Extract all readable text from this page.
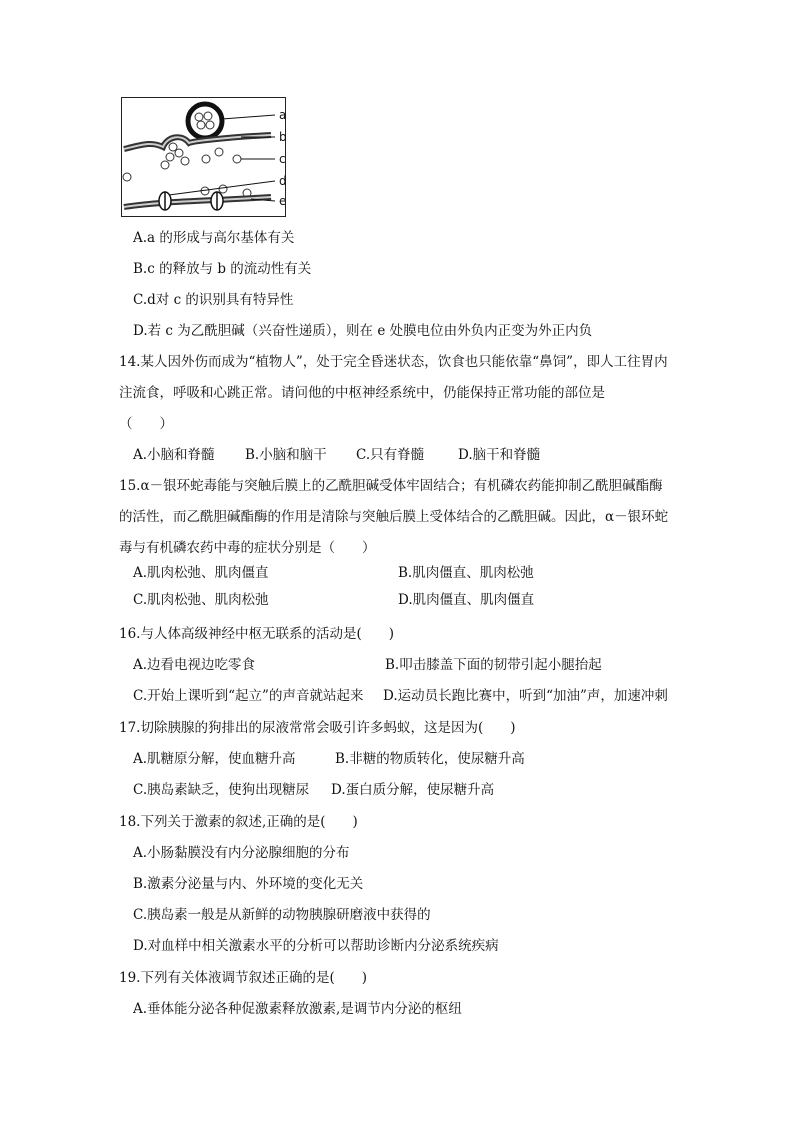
a
b
c
d
e
A.a 的形成与高尔基体有关
B.c 的释放与 b 的流动性有关
C.d对 c 的识别具有特异性
D.若 c 为乙酰胆碱（兴奋性递质），则在 e 处膜电位由外负内正变为外正内负
14.某人因外伤而成为“植物人”，处于完全昏迷状态，饮食也只能依靠“鼻饲”，即人工往胃内
注流食，呼吸和心跳正常。请问他的中枢神经系统中，仍能保持正常功能的部位是
（　　）
A.小脑和脊髓 B.小脑和脑干 C.只有脊髓	D.脑干和脊髓
15.α－银环蛇毒能与突触后膜上的乙酰胆碱受体牢固结合；有机磷农药能抑制乙酰胆碱酯酶
的活性，而乙酰胆碱酯酶的作用是清除与突触后膜上受体结合的乙酰胆碱。因此，α－银环蛇
毒与有机磷农药中毒的症状分别是（　　）
A.肌肉松弛、肌肉僵直	B.肌肉僵直、肌肉松弛
C.肌肉松弛、肌肉松弛	D.肌肉僵直、肌肉僵直
16.与人体高级神经中枢无联系的活动是(　　)
A.边看电视边吃零食	B.叩击膝盖下面的韧带引起小腿抬起
C.开始上课听到“起立”的声音就站起来 D.运动员长跑比赛中，听到“加油”声，加速冲刺
17.切除胰腺的狗排出的尿液常常会吸引许多蚂蚁，这是因为(　　)
A.肌糖原分解，使血糖升高	B.非糖的物质转化，使尿糖升高
C.胰岛素缺乏，使狗出现糖尿 D.蛋白质分解，使尿糖升高
18.下列关于激素的叙述,正确的是(　　)
A.小肠黏膜没有内分泌腺细胞的分布
B.激素分泌量与内、外环境的变化无关
C.胰岛素一般是从新鲜的动物胰腺研磨液中获得的
D.对血样中相关激素水平的分析可以帮助诊断内分泌系统疾病
19.下列有关体液调节叙述正确的是(　　)
A.垂体能分泌各种促激素释放激素,是调节内分泌的枢纽
